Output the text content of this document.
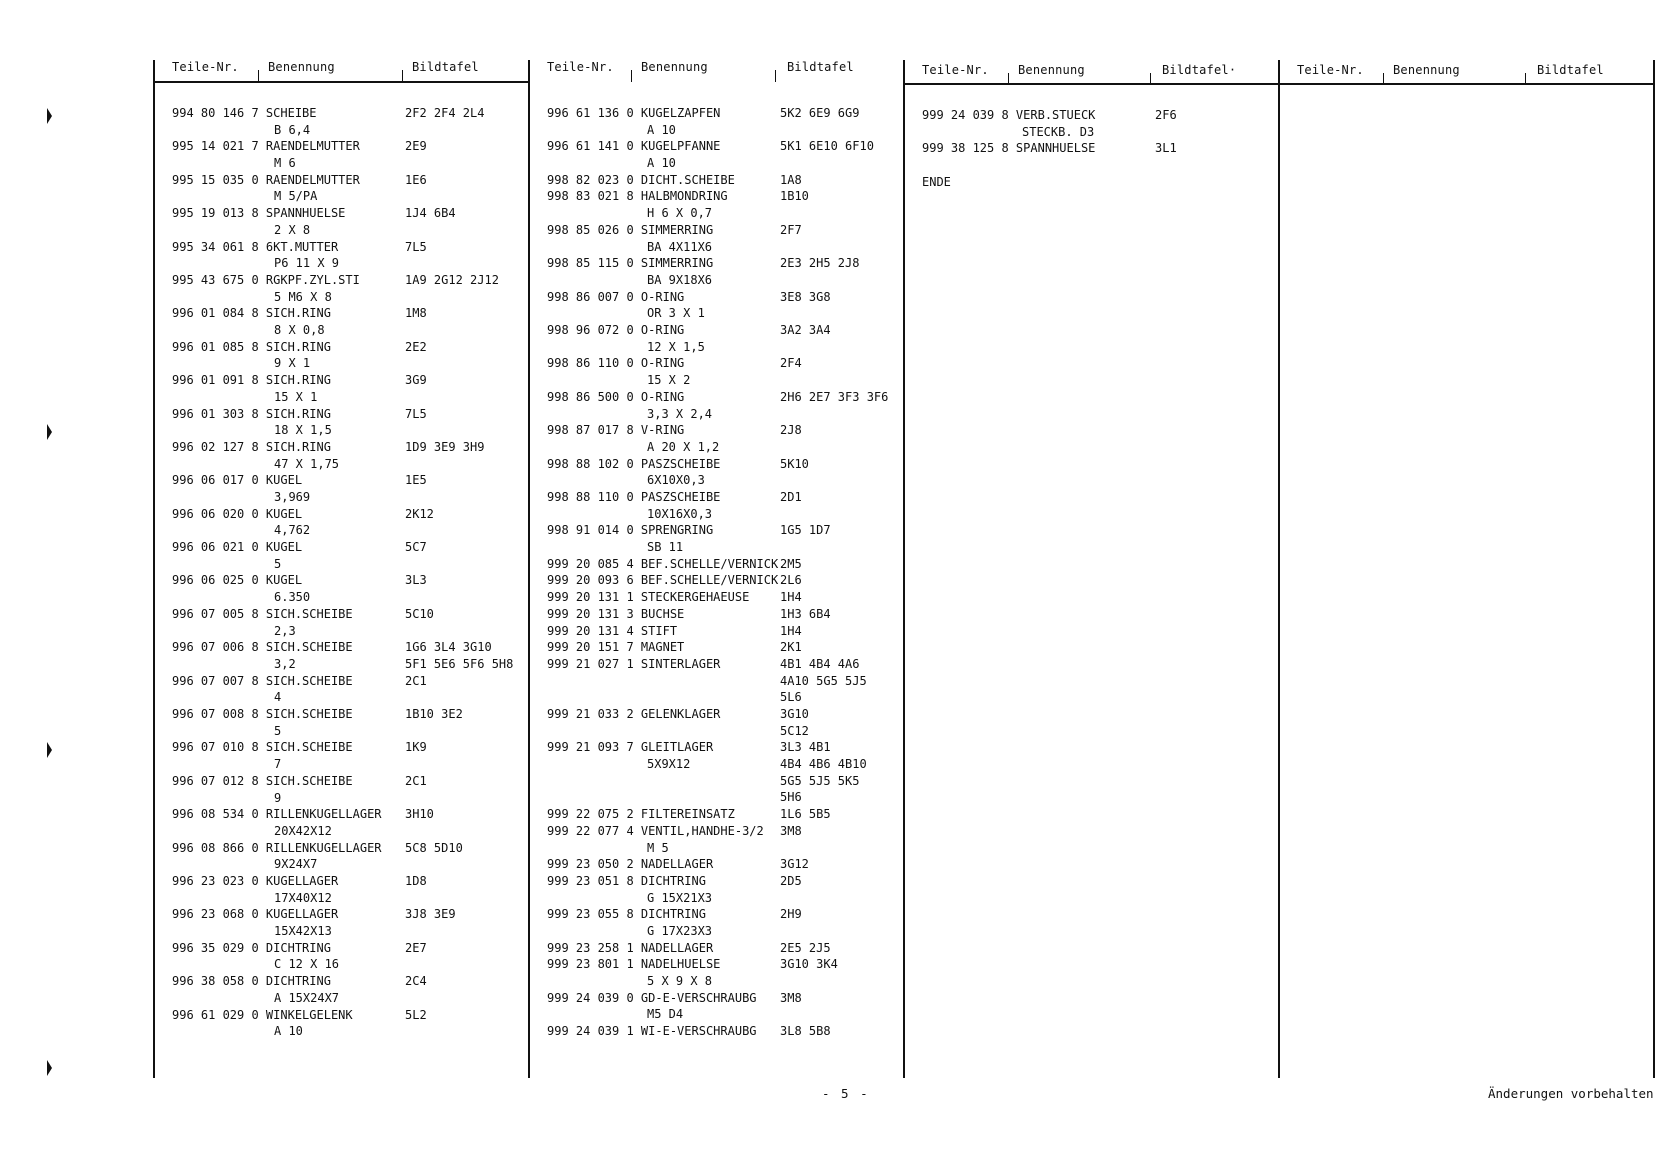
Teile-Nr. Benennung	Bildtafel
994 80 146 7 SCHEIBE	2F2 2F4 2L4
B 6,4
995 14 021 7 RAENDELMUTTER	2E9
M 6
995 15 035 0 RAENDELMUTTER	1E6
M 5/PA
995 19 013 8 SPANNHUELSE	1J4 6B4
2 X 8
995 34 061 8 6KT.MUTTER	7L5
P6 11 X 9
995 43 675 0 RGKPF.ZYL.STI	1A9 2G12 2J12
5 M6 X 8
996 01 084 8 SICH.RING	1M8
8 X 0,8
996 01 085 8 SICH.RING	2E2
9 X 1
996 01 091 8 SICH.RING	3G9
15 X 1
996 01 303 8 SICH.RING	7L5
18 X 1,5
996 02 127 8 SICH.RING	1D9 3E9 3H9
47 X 1,75
996 06 017 0 KUGEL	1E5
3,969
996 06 020 0 KUGEL	2K12
4,762
996 06 021 0 KUGEL	5C7
5
996 06 025 0 KUGEL	3L3
6.350
996 07 005 8 SICH.SCHEIBE	5C10
2,3
996 07 006 8 SICH.SCHEIBE	1G6 3L4 3G10
3,2	5F1 5E6 5F6 5H8
996 07 007 8 SICH.SCHEIBE	2C1
4
996 07 008 8 SICH.SCHEIBE	1B10 3E2
5
996 07 010 8 SICH.SCHEIBE	1K9
7
996 07 012 8 SICH.SCHEIBE	2C1
9
996 08 534 0 RILLENKUGELLAGER 3H10
20X42X12
996 08 866 0 RILLENKUGELLAGER 5C8 5D10
9X24X7
996 23 023 0 KUGELLAGER	1D8
17X40X12
996 23 068 0 KUGELLAGER	3J8 3E9
15X42X13
996 35 029 0 DICHTRING	2E7
C 12 X 16
996 38 058 0 DICHTRING	2C4
A 15X24X7
996 61 029 0 WINKELGELENK	5L2
A 10
Teile-Nr. Benennung	Bildtafel
996 61 136 0 KUGELZAPFEN	5K2 6E9 6G9
A 10
996 61 141 0 KUGELPFANNE	5K1 6E10 6F10
A 10
998 82 023 0 DICHT.SCHEIBE	1A8
998 83 021 8 HALBMONDRING	1B10
H 6 X 0,7
998 85 026 0 SIMMERRING	2F7
BA 4X11X6
998 85 115 0 SIMMERRING	2E3 2H5 2J8
BA 9X18X6
998 86 007 0 O-RING	3E8 3G8
OR 3 X 1
998 96 072 0 O-RING	3A2 3A4
12 X 1,5
998 86 110 0 O-RING	2F4
15 X 2
998 86 500 0 O-RING	2H6 2E7 3F3 3F6
3,3 X 2,4
998 87 017 8 V-RING	2J8
A 20 X 1,2
998 88 102 0 PASZSCHEIBE	5K10
6X10X0,3
998 88 110 0 PASZSCHEIBE	2D1
10X16X0,3
998 91 014 0 SPRENGRING	1G5 1D7
SB 11
999 20 085 4 BEF.SCHELLE/VERNICK.
2M5
999 20 093 6 BEF.SCHELLE/VERNICK.
2L6
999 20 131 1 STECKERGEHAEUSE	1H4
999 20 131 3 BUCHSE	1H3 6B4
999 20 131 4 STIFT	1H4
999 20 151 7 MAGNET	2K1
999 21 027 1 SINTERLAGER	4B1 4B4 4A6
4A10 5G5 5J5
5L6
999 21 033 2 GELENKLAGER	3G10
5C12
999 21 093 7 GLEITLAGER	3L3 4B1
5X9X12	4B4 4B6 4B10
5G5 5J5 5K5
5H6
999 22 075 2 FILTEREINSATZ	1L6 5B5
999 22 077 4 VENTIL,HANDHE-3/2 3M8
M 5
999 23 050 2 NADELLAGER	3G12
999 23 051 8 DICHTRING	2D5
G 15X21X3
999 23 055 8 DICHTRING	2H9
G 17X23X3
999 23 258 1 NADELLAGER	2E5 2J5
999 23 801 1 NADELHUELSE	3G10 3K4
5 X 9 X 8
999 24 039 0 GD-E-VERSCHRAUBG 3M8
M5 D4
999 24 039 1 WI-E-VERSCHRAUBG 3L8 5B8
Teile-Nr. Benennung	Bildtafel·
999 24 039 8 VERB.STUECK	2F6
STECKB. D3
999 38 125 8 SPANNHUELSE	3L1
ENDE
Teile-Nr. Benennung	Bildtafel
- 5 -	Änderungen vorbehalten
